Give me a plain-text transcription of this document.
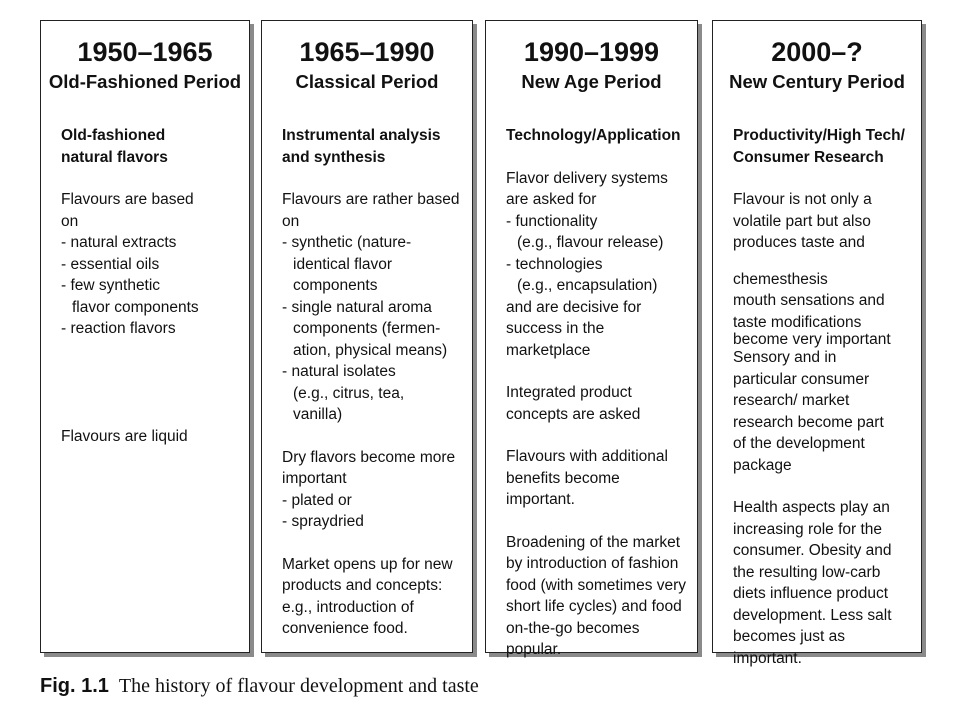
1950–1965
Old-Fashioned Period

Old-fashioned

natural flavors

Flavours are based

on

- natural extracts

- essential oils

- few synthetic

flavor components

- reaction flavors

Flavours are liquid

1965–1990
Classical Period

Instrumental analysis

and synthesis

Flavours are rather based

on

- synthetic (nature-

identical flavor

components

- single natural aroma

components (fermen-

ation, physical means)

- natural isolates

(e.g., citrus, tea,

vanilla)

Dry flavors become more

important

- plated or

- spraydried

Market opens up for new

products and concepts:

e.g., introduction of

convenience food.

1990–1999
New Age Period

Technology/Application

Flavor delivery systems

are asked for

- functionality

(e.g., flavour release)

- technologies

(e.g., encapsulation)

and are decisive for

success in the

marketplace

Integrated product

concepts are asked

Flavours with additional

benefits become important.

Broadening of the market

by introduction of fashion

food (with sometimes very

short life cycles) and food

on-the-go becomes

popular.

2000–?
New Century Period

Productivity/High Tech/

Consumer Research

Flavour is not only a

volatile part but also

produces taste and

chemesthesis

mouth sensations and

taste modifications

become very important

Sensory and in

particular consumer

research/ market

research become part

of the development

package

Health aspects play an

increasing role for the

consumer. Obesity and

the resulting low-carb

diets influence product

development. Less salt

becomes just as important.

Fig. 1.1 The history of flavour development and taste
